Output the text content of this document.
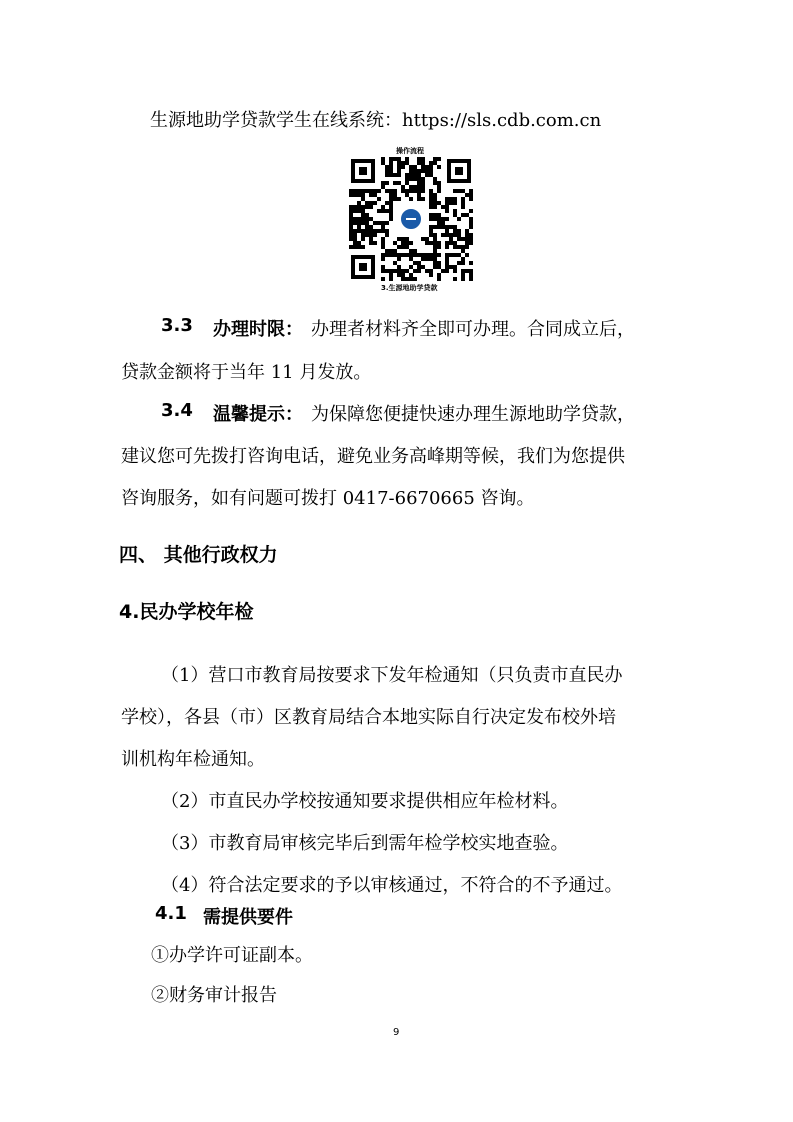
生源地助学贷款学生在线系统：https://sls.cdb.com.cn
操作流程
3.生源地助学贷款
3.3 办理时限： 办理者材料齐全即可办理。合同成立后，
贷款金额将于当年 11 月发放。
3.4 温馨提示： 为保障您便捷快速办理生源地助学贷款，
建议您可先拨打咨询电话，避免业务高峰期等候，我们为您提供
咨询服务，如有问题可拨打 0417-6670665 咨询。
四、 其他行政权力
4.民办学校年检
（1）营口市教育局按要求下发年检通知（只负责市直民办
学校），各县（市）区教育局结合本地实际自行决定发布校外培
训机构年检通知。
（2）市直民办学校按通知要求提供相应年检材料。
（3）市教育局审核完毕后到需年检学校实地查验。
（4）符合法定要求的予以审核通过，不符合的不予通过。
4.1 需提供要件
①办学许可证副本。
②财务审计报告
9
